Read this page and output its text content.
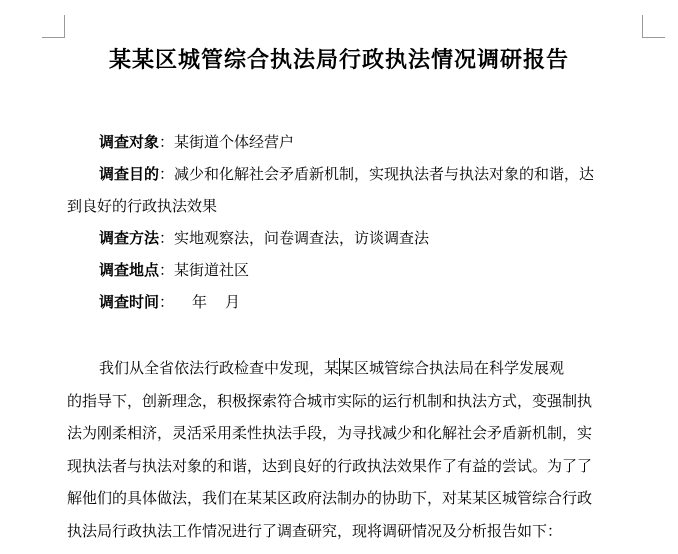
某某区城管综合执法局行政执法情况调研报告
调查对象：某街道个体经营户
调查目的：减少和化解社会矛盾新机制，实现执法者与执法对象的和谐，达
到良好的行政执法效果
调查方法：实地观察法，问卷调查法，访谈调查法
调查地点：某街道社区
调查时间： 年 月
我们从全省依法行政检查中发现，某某区城管综合执法局在科学发展观
的指导下，创新理念，积极探索符合城市实际的运行机制和执法方式，变强制执
法为刚柔相济，灵活采用柔性执法手段，为寻找减少和化解社会矛盾新机制，实
现执法者与执法对象的和谐，达到良好的行政执法效果作了有益的尝试。为了了
解他们的具体做法，我们在某某区政府法制办的协助下，对某某区城管综合行政
执法局行政执法工作情况进行了调查研究，现将调研情况及分析报告如下：
